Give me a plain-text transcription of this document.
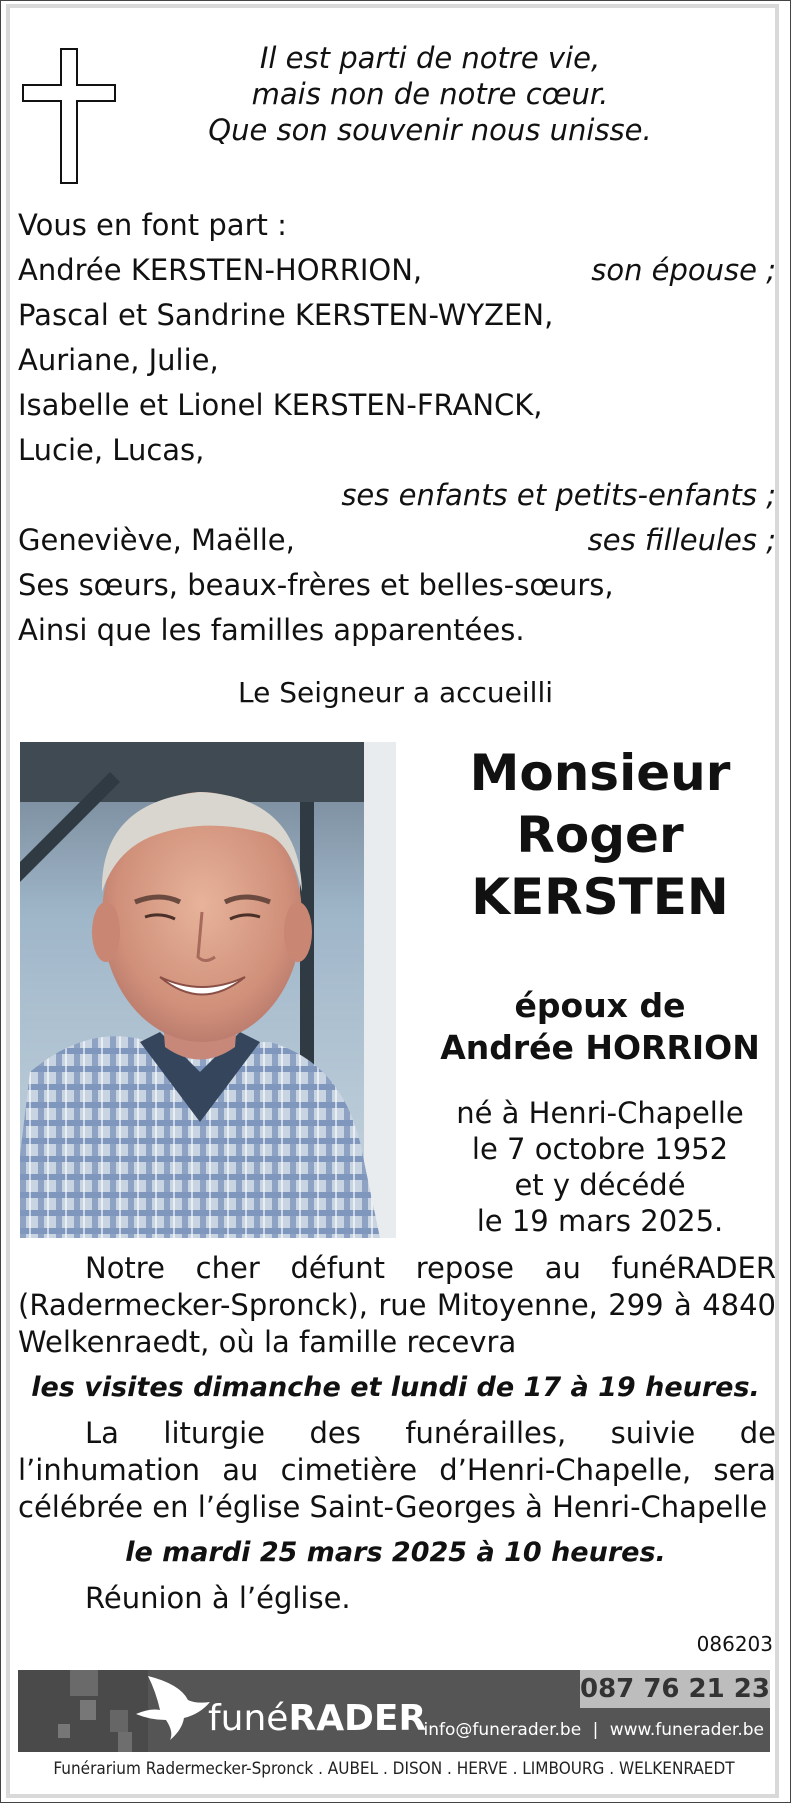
Il est parti de notre vie,
mais non de notre cœur.
Que son souvenir nous unisse.
Vous en font part :
Andrée KERSTEN-HORRION,	son épouse ;
Pascal et Sandrine KERSTEN-WYZEN,
Auriane, Julie,
Isabelle et Lionel KERSTEN-FRANCK,
Lucie, Lucas,
ses enfants et petits-enfants ;
Geneviève, Maëlle,	ses filleules ;
Ses sœurs, beaux-frères et belles-sœurs,
Ainsi que les familles apparentées.
Le Seigneur a accueilli
Monsieur
Roger
KERSTEN
époux de
Andrée HORRION
né à Henri-Chapelle
le 7 octobre 1952
et y décédé
le 19 mars 2025.
Notre cher défunt repose au funéRADER (Radermecker-Spronck), rue Mitoyenne, 299 à 4840 Welkenraedt, où la famille recevra
les visites dimanche et lundi de 17 à 19 heures.
La liturgie des funérailles, suivie de l’inhumation au cimetière d’Henri-Chapelle, sera célébrée en l’église Saint-Georges à Henri-Chapelle
le mardi 25 mars 2025 à 10 heures.
Réunion à l’église.
086203
funéRADER
087 76 21 23
info@funerader.be | www.funerader.be
Funérarium Radermecker-Spronck . AUBEL . DISON . HERVE . LIMBOURG . WELKENRAEDT
